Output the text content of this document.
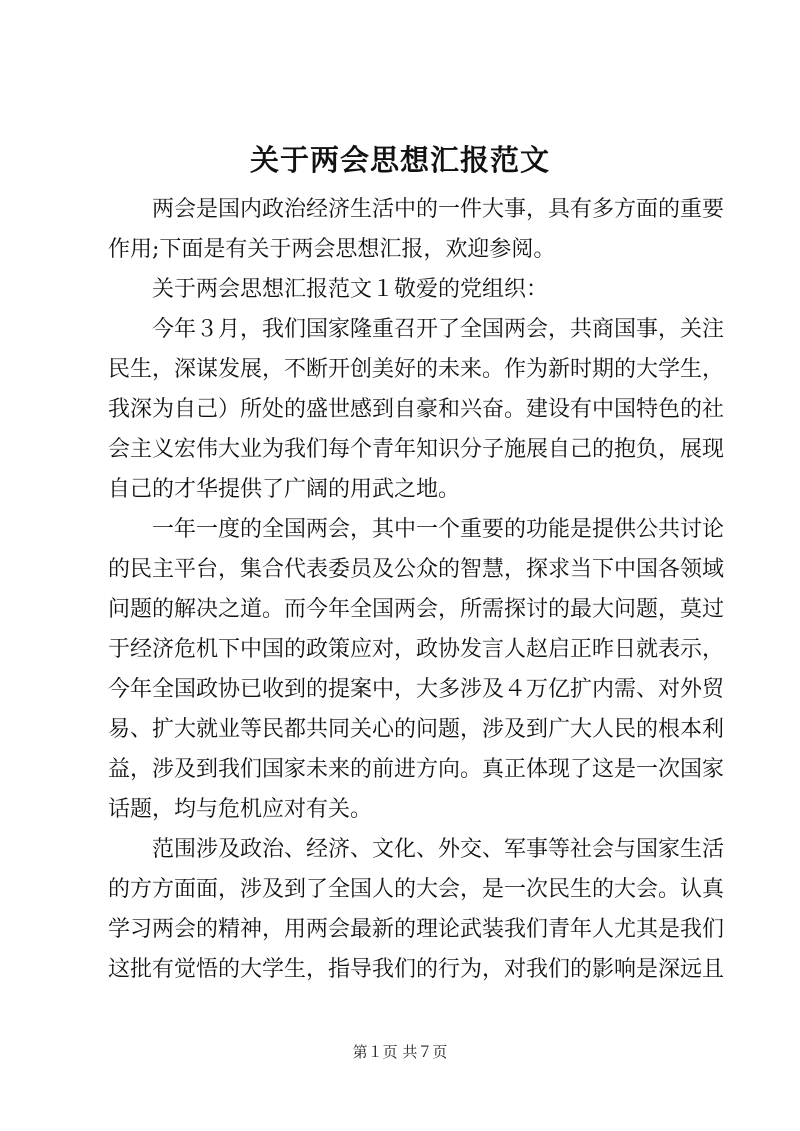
关于两会思想汇报范文
两会是国内政治经济生活中的一件大事，具有多方面的重要
作用;下面是有关于两会思想汇报，欢迎参阅。
关于两会思想汇报范文１敬爱的党组织：
今年３月，我们国家隆重召开了全国两会，共商国事，关注
民生，深谋发展，不断开创美好的未来。作为新时期的大学生，
我深为自己）所处的盛世感到自豪和兴奋。建设有中国特色的社
会主义宏伟大业为我们每个青年知识分子施展自己的抱负，展现
自己的才华提供了广阔的用武之地。
一年一度的全国两会，其中一个重要的功能是提供公共讨论
的民主平台，集合代表委员及公众的智慧，探求当下中国各领域
问题的解决之道。而今年全国两会，所需探讨的最大问题，莫过
于经济危机下中国的政策应对，政协发言人赵启正昨日就表示，
今年全国政协已收到的提案中，大多涉及４万亿扩内需、对外贸
易、扩大就业等民都共同关心的问题，涉及到广大人民的根本利
益，涉及到我们国家未来的前进方向。真正体现了这是一次国家
话题，均与危机应对有关。
范围涉及政治、经济、文化、外交、军事等社会与国家生活
的方方面面，涉及到了全国人的大会，是一次民生的大会。认真
学习两会的精神，用两会最新的理论武装我们青年人尤其是我们
这批有觉悟的大学生，指导我们的行为，对我们的影响是深远且
第１页 共７页
